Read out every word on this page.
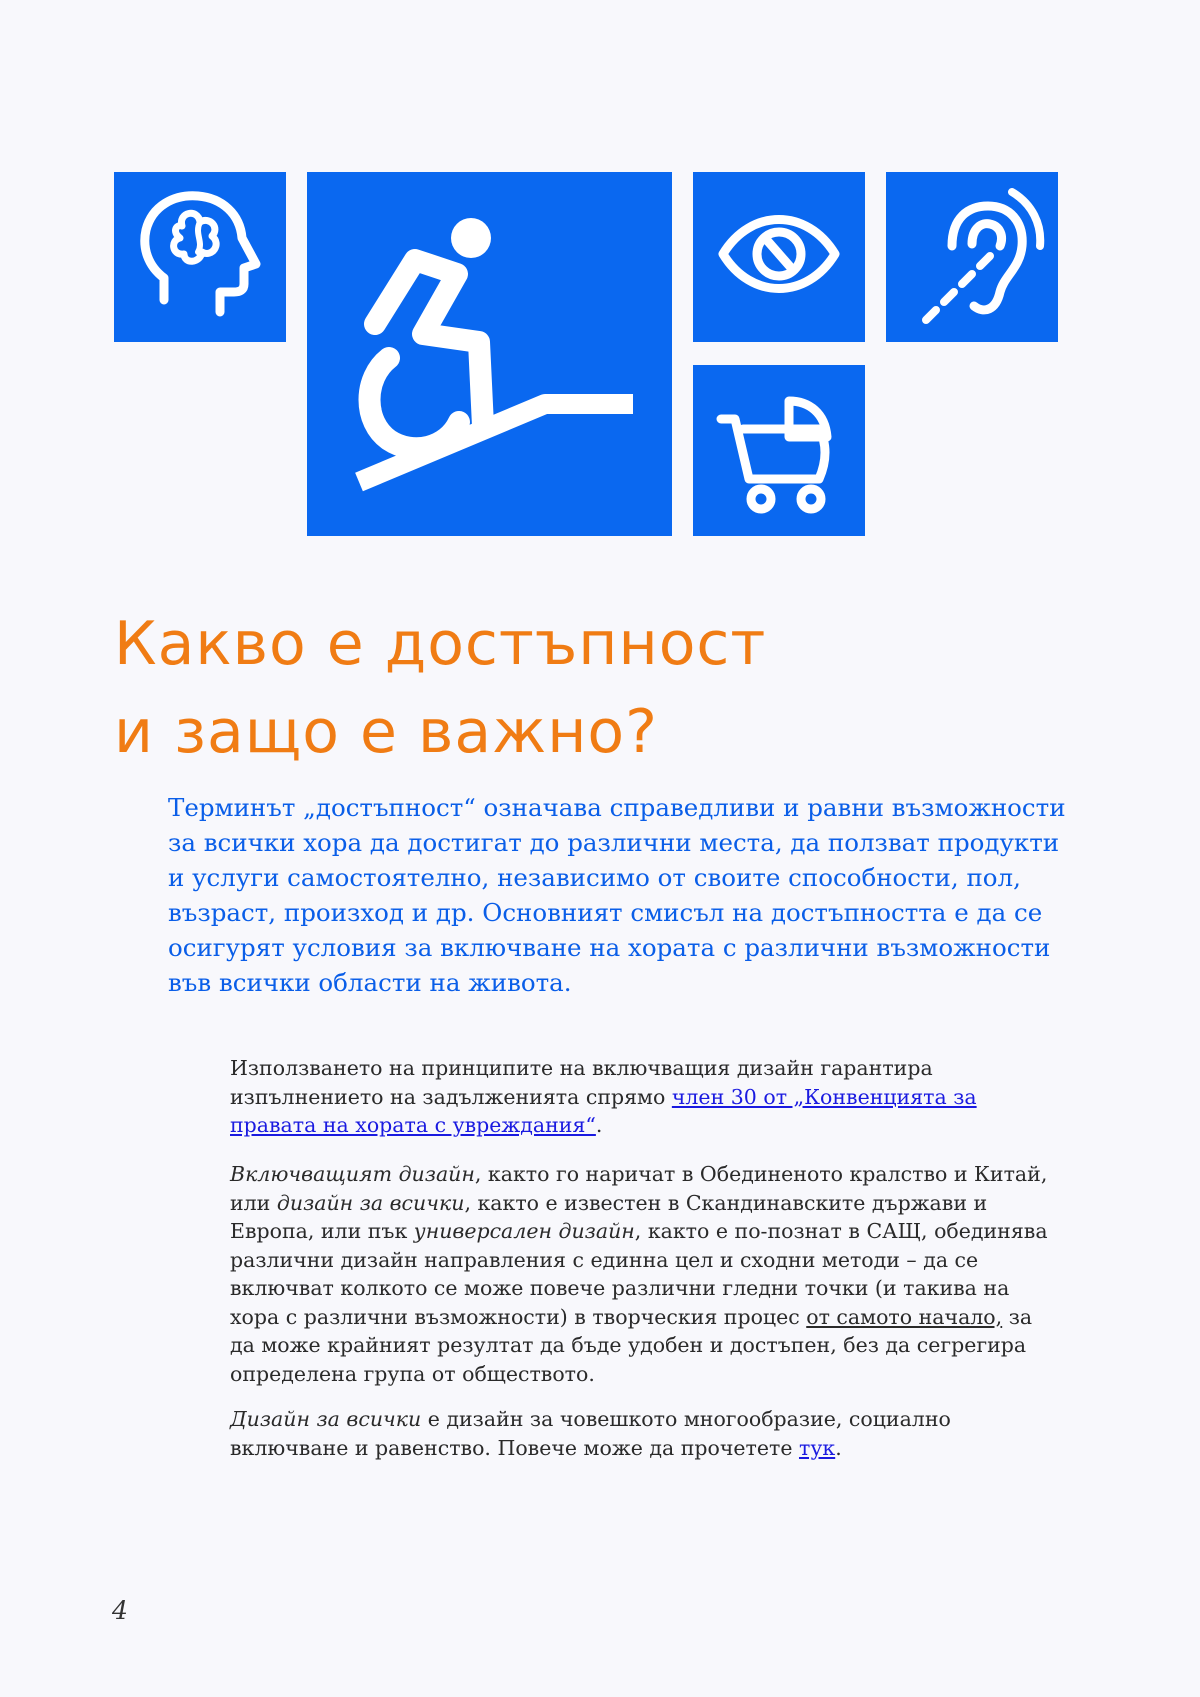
Какво е достъпност
и защо е важно?

Терминът „достъпност“ означава справедливи и равни възможности за всички хора да достигат до различни места, да ползват продукти и услуги самостоятелно, независимо от своите способности, пол, възраст, произход и др. Основният смисъл на достъпността е да се осигурят условия за включване на хората с различни възможности във всички области на живота.

Използването на принципите на включващия дизайн гарантира изпълнението на задълженията спрямо член 30 от „Конвенцията за правата на хората с увреждания“.

Включващият дизайн, както го наричат в Обединеното кралство и Китай, или дизайн за всички, както е известен в Скандинавските държави и Европа, или пък универсален дизайн, както е по-познат в САЩ, обединява различни дизайн направления с единна цел и сходни методи – да се включват колкото се може повече различни гледни точки (и такива на хора с различни възможности) в творческия процес от самото начало, за да може крайният резултат да бъде удобен и достъпен, без да сегрегира определена група от обществото.

Дизайн за всички е дизайн за човешкото многообразие, социално включване и равенство. Повече може да прочетете тук.

4
